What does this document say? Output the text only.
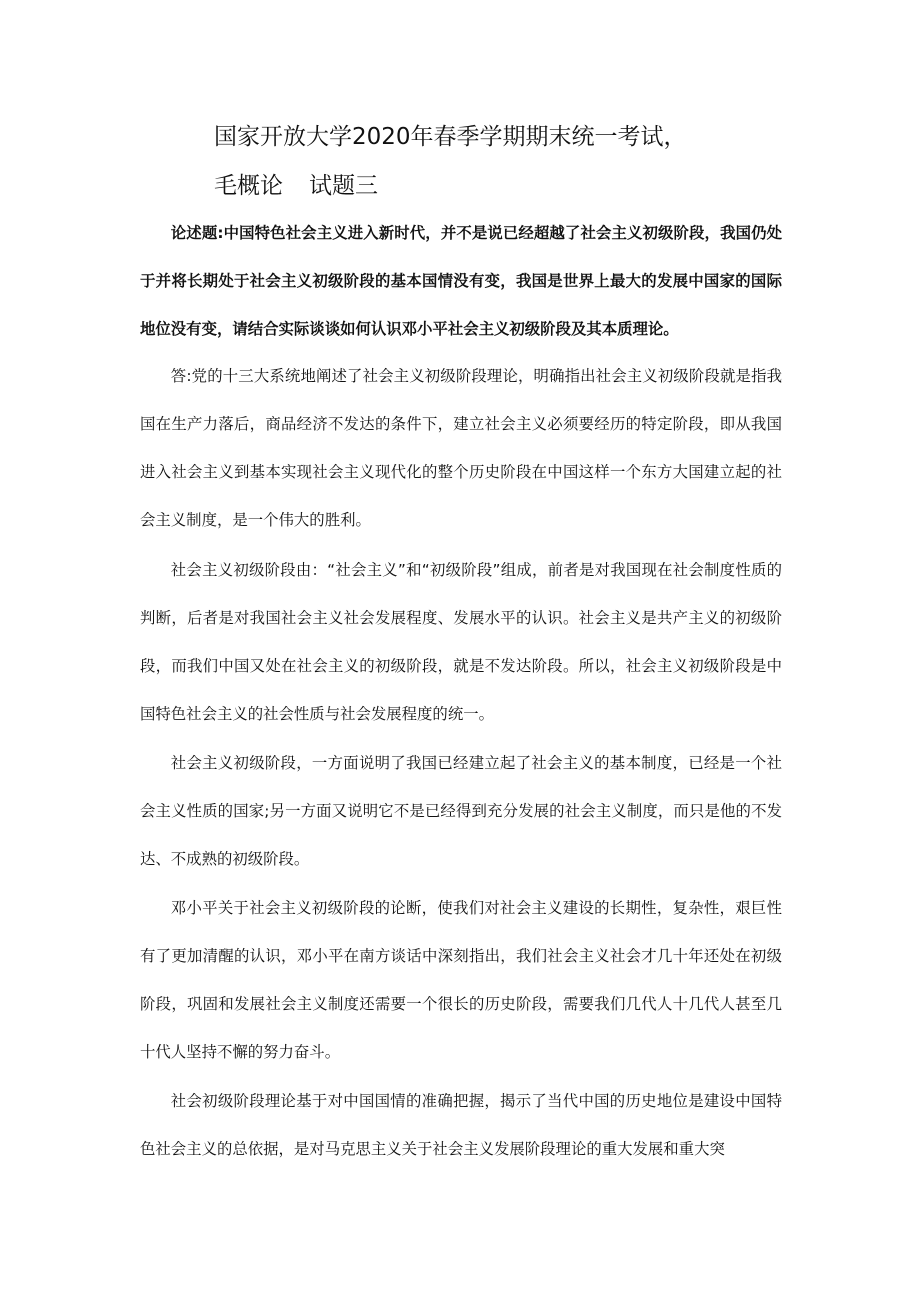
国家开放大学2020年春季学期期末统一考试，
毛概论 试题三

论述题:中国特色社会主义进入新时代，并不是说已经超越了社会主义初级阶段，我国仍处于并将长期处于社会主义初级阶段的基本国情没有变，我国是世界上最大的发展中国家的国际地位没有变，请结合实际谈谈如何认识邓小平社会主义初级阶段及其本质理论。

答:党的十三大系统地阐述了社会主义初级阶段理论，明确指出社会主义初级阶段就是指我国在生产力落后，商品经济不发达的条件下，建立社会主义必须要经历的特定阶段，即从我国进入社会主义到基本实现社会主义现代化的整个历史阶段在中国这样一个东方大国建立起的社会主义制度，是一个伟大的胜利。

社会主义初级阶段由：“社会主义”和“初级阶段”组成，前者是对我国现在社会制度性质的判断，后者是对我国社会主义社会发展程度、发展水平的认识。社会主义是共产主义的初级阶段，而我们中国又处在社会主义的初级阶段，就是不发达阶段。所以，社会主义初级阶段是中国特色社会主义的社会性质与社会发展程度的统一。

社会主义初级阶段，一方面说明了我国已经建立起了社会主义的基本制度，已经是一个社会主义性质的国家;另一方面又说明它不是已经得到充分发展的社会主义制度，而只是他的不发达、不成熟的初级阶段。

邓小平关于社会主义初级阶段的论断，使我们对社会主义建设的长期性，复杂性，艰巨性有了更加清醒的认识，邓小平在南方谈话中深刻指出，我们社会主义社会才几十年还处在初级阶段，巩固和发展社会主义制度还需要一个很长的历史阶段，需要我们几代人十几代人甚至几十代人坚持不懈的努力奋斗。

社会初级阶段理论基于对中国国情的准确把握，揭示了当代中国的历史地位是建设中国特色社会主义的总依据，是对马克思主义关于社会主义发展阶段理论的重大发展和重大突
